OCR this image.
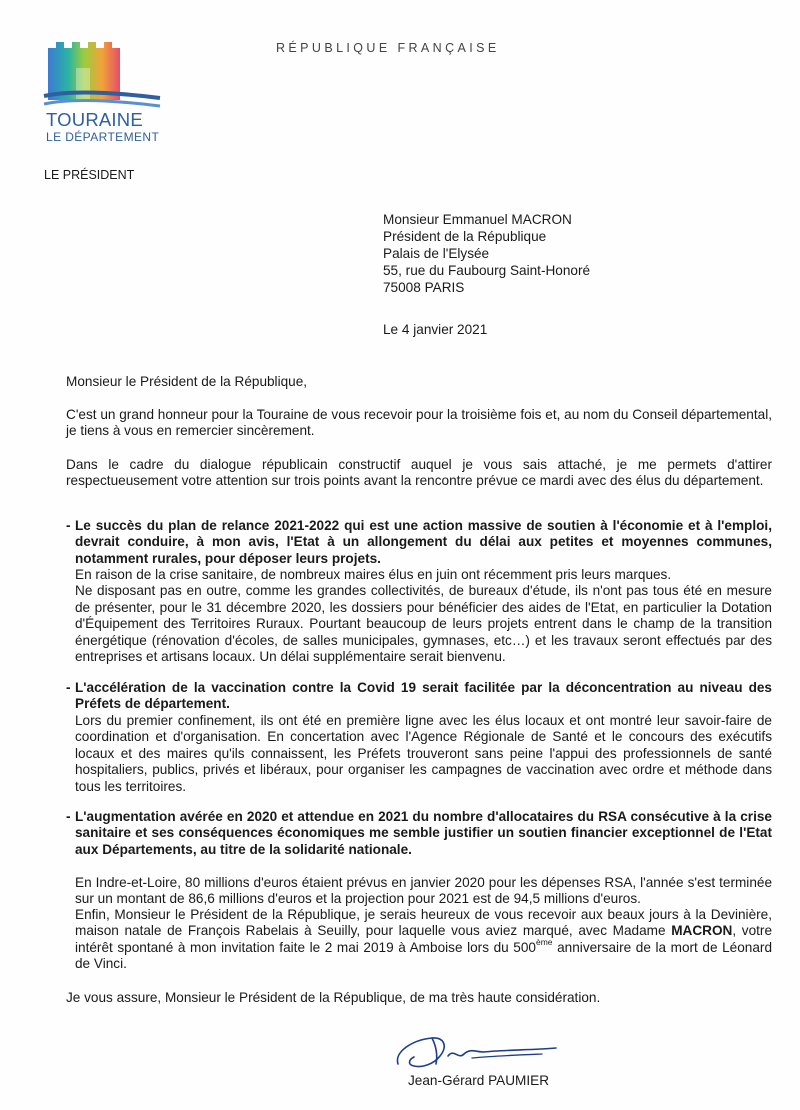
TOURAINE
LE DÉPARTEMENT
RÉPUBLIQUE FRANÇAISE
LE PRÉSIDENT
Monsieur Emmanuel MACRON
Président de la République
Palais de l'Elysée
55, rue du Faubourg Saint-Honoré
75008 PARIS
Le 4 janvier 2021
Monsieur le Président de la République,
C'est un grand honneur pour la Touraine de vous recevoir pour la troisième fois et, au nom du Conseil départemental, je tiens à vous en remercier sincèrement.
Dans le cadre du dialogue républicain constructif auquel je vous sais attaché, je me permets d'attirer respectueusement votre attention sur trois points avant la rencontre prévue ce mardi avec des élus du département.
- Le succès du plan de relance 2021-2022 qui est une action massive de soutien à l'économie et à l'emploi, devrait conduire, à mon avis, l'Etat à un allongement du délai aux petites et moyennes communes, notamment rurales, pour déposer leurs projets.

En raison de la crise sanitaire, de nombreux maires élus en juin ont récemment pris leurs marques.

Ne disposant pas en outre, comme les grandes collectivités, de bureaux d'étude, ils n'ont pas tous été en mesure de présenter, pour le 31 décembre 2020, les dossiers pour bénéficier des aides de l'Etat, en particulier la Dotation d'Équipement des Territoires Ruraux. Pourtant beaucoup de leurs projets entrent dans le champ de la transition énergétique (rénovation d'écoles, de salles municipales, gymnases, etc…) et les travaux seront effectués par des entreprises et artisans locaux. Un délai supplémentaire serait bienvenu.

- L'accélération de la vaccination contre la Covid 19 serait facilitée par la déconcentration au niveau des Préfets de département.

Lors du premier confinement, ils ont été en première ligne avec les élus locaux et ont montré leur savoir-faire de coordination et d'organisation. En concertation avec l'Agence Régionale de Santé et le concours des exécutifs locaux et des maires qu'ils connaissent, les Préfets trouveront sans peine l'appui des professionnels de santé hospitaliers, publics, privés et libéraux, pour organiser les campagnes de vaccination avec ordre et méthode dans tous les territoires.

- L'augmentation avérée en 2020 et attendue en 2021 du nombre d'allocataires du RSA consécutive à la crise sanitaire et ses conséquences économiques me semble justifier un soutien financier exceptionnel de l'Etat aux Départements, au titre de la solidarité nationale.

En Indre-et-Loire, 80 millions d'euros étaient prévus en janvier 2020 pour les dépenses RSA, l'année s'est terminée sur un montant de 86,6 millions d'euros et la projection pour 2021 est de 94,5 millions d'euros.

Enfin, Monsieur le Président de la République, je serais heureux de vous recevoir aux beaux jours à la Devinière, maison natale de François Rabelais à Seuilly, pour laquelle vous aviez marqué, avec Madame MACRON, votre intérêt spontané à mon invitation faite le 2 mai 2019 à Amboise lors du 500ème anniversaire de la mort de Léonard de Vinci.
Je vous assure, Monsieur le Président de la République, de ma très haute considération.
Jean-Gérard PAUMIER
